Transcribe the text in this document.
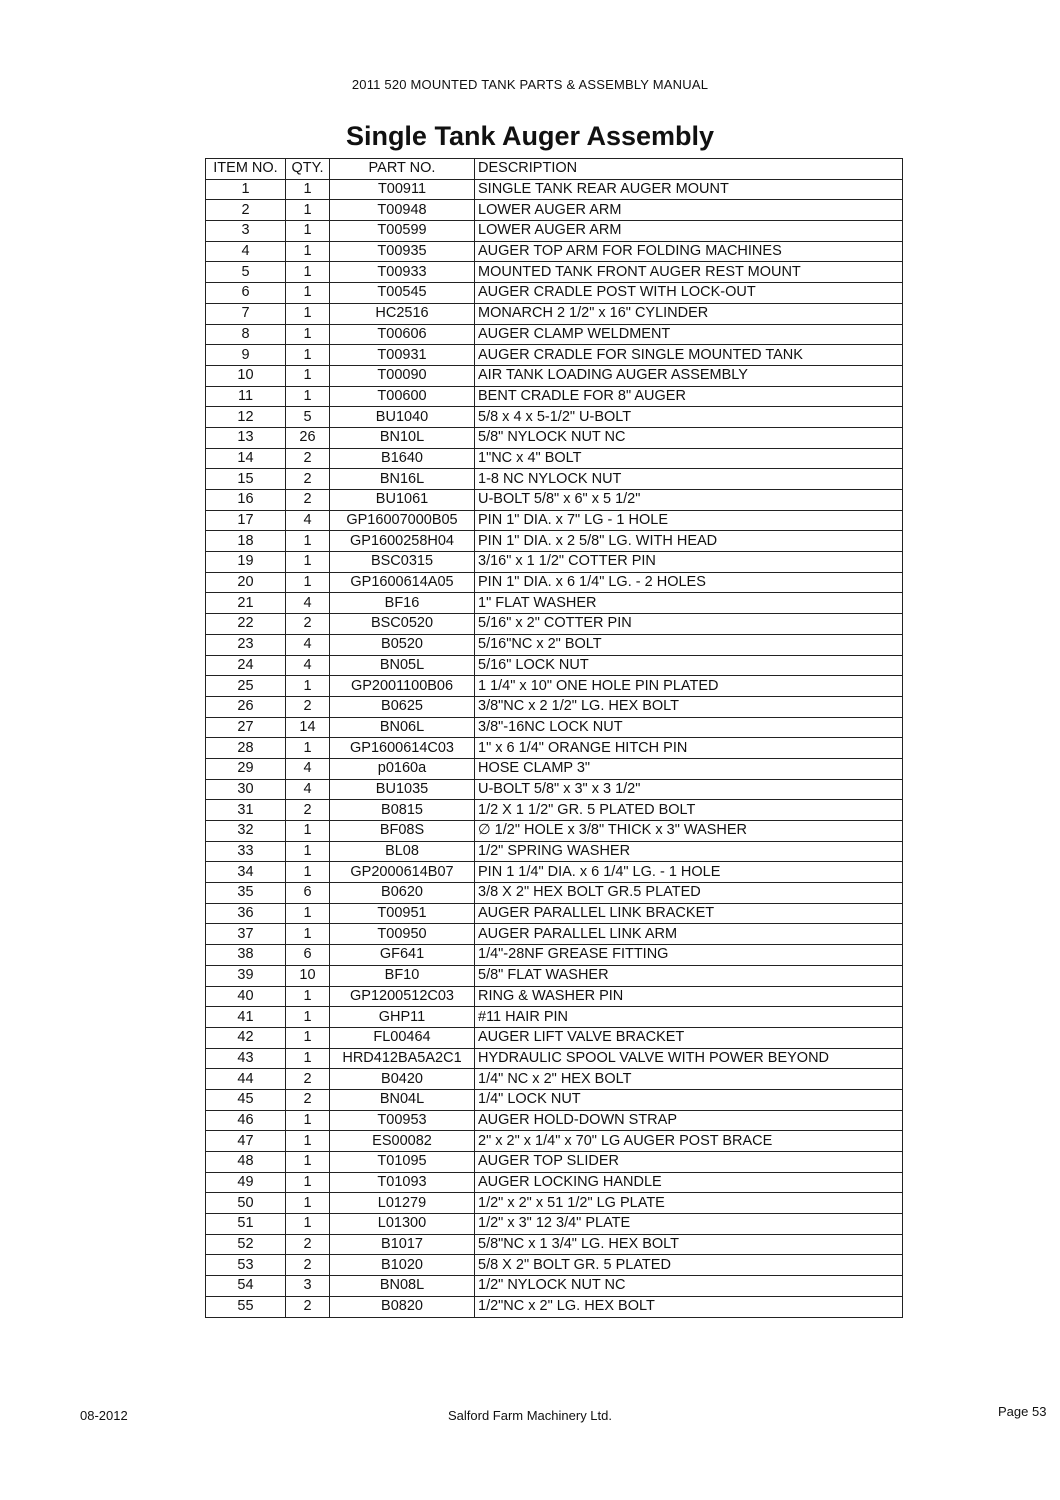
2011 520 MOUNTED TANK PARTS & ASSEMBLY MANUAL
Single Tank Auger Assembly
ITEM NO.	QTY.	PART NO.	DESCRIPTION
1	1	T00911	SINGLE TANK REAR AUGER MOUNT
2	1	T00948	LOWER AUGER ARM
3	1	T00599	LOWER AUGER ARM
4	1	T00935	AUGER TOP ARM FOR FOLDING MACHINES
5	1	T00933	MOUNTED TANK FRONT AUGER REST MOUNT
6	1	T00545	AUGER CRADLE POST WITH LOCK-OUT
7	1	HC2516	MONARCH 2 1/2" x 16" CYLINDER
8	1	T00606	AUGER CLAMP WELDMENT
9	1	T00931	AUGER CRADLE FOR SINGLE MOUNTED TANK
10	1	T00090	AIR TANK LOADING AUGER ASSEMBLY
11	1	T00600	BENT CRADLE FOR 8" AUGER
12	5	BU1040	5/8 x 4 x 5-1/2" U-BOLT
13	26	BN10L	5/8" NYLOCK NUT NC
14	2	B1640	1"NC x 4" BOLT
15	2	BN16L	1-8 NC NYLOCK NUT
16	2	BU1061	U-BOLT 5/8" x 6" x 5 1/2"
17	4	GP16007000B05	PIN 1" DIA. x 7" LG - 1 HOLE
18	1	GP1600258H04	PIN 1" DIA. x 2 5/8" LG. WITH HEAD
19	1	BSC0315	3/16" x 1 1/2" COTTER PIN
20	1	GP1600614A05	PIN 1" DIA. x 6 1/4" LG. - 2 HOLES
21	4	BF16	1" FLAT WASHER
22	2	BSC0520	5/16" x 2" COTTER PIN
23	4	B0520	5/16"NC x 2" BOLT
24	4	BN05L	5/16" LOCK NUT
25	1	GP2001100B06	1 1/4" x 10" ONE HOLE PIN PLATED
26	2	B0625	3/8"NC x 2 1/2" LG. HEX BOLT
27	14	BN06L	3/8"-16NC LOCK NUT
28	1	GP1600614C03	1" x 6 1/4" ORANGE HITCH PIN
29	4	p0160a	HOSE CLAMP 3"
30	4	BU1035	U-BOLT 5/8" x 3" x 3 1/2"
31	2	B0815	1/2 X 1 1/2" GR. 5 PLATED BOLT
32	1	BF08S	∅ 1/2" HOLE x 3/8" THICK x 3" WASHER
33	1	BL08	1/2" SPRING WASHER
34	1	GP2000614B07	PIN 1 1/4" DIA. x 6 1/4" LG. - 1 HOLE
35	6	B0620	3/8 X 2" HEX BOLT GR.5 PLATED
36	1	T00951	AUGER PARALLEL LINK BRACKET
37	1	T00950	AUGER PARALLEL LINK ARM
38	6	GF641	1/4"-28NF GREASE FITTING
39	10	BF10	5/8" FLAT WASHER
40	1	GP1200512C03	RING & WASHER PIN
41	1	GHP11	#11 HAIR PIN
42	1	FL00464	AUGER LIFT VALVE BRACKET
43	1	HRD412BA5A2C1	HYDRAULIC SPOOL VALVE WITH POWER BEYOND
44	2	B0420	1/4" NC x 2" HEX BOLT
45	2	BN04L	1/4" LOCK NUT
46	1	T00953	AUGER HOLD-DOWN STRAP
47	1	ES00082	2" x 2" x 1/4" x 70" LG AUGER POST BRACE
48	1	T01095	AUGER TOP SLIDER
49	1	T01093	AUGER LOCKING HANDLE
50	1	L01279	1/2" x 2" x 51 1/2" LG PLATE
51	1	L01300	1/2" x 3" 12 3/4" PLATE
52	2	B1017	5/8"NC x 1 3/4" LG. HEX BOLT
53	2	B1020	5/8 X 2" BOLT GR. 5 PLATED
54	3	BN08L	1/2" NYLOCK NUT NC
55	2	B0820	1/2"NC x 2" LG. HEX BOLT
08-2012	Salford Farm Machinery Ltd.	Page 53
